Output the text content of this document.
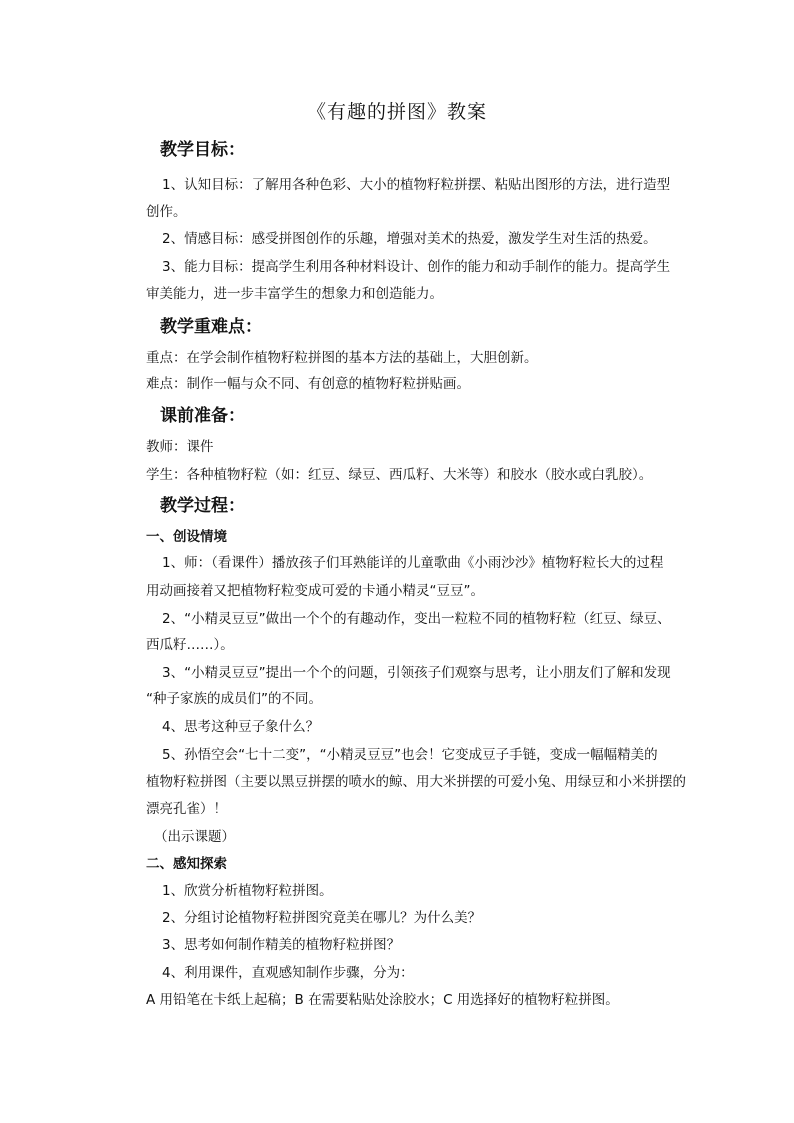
《有趣的拼图》教案
教学目标：
1、认知目标：了解用各种色彩、大小的植物籽粒拼摆、粘贴出图形的方法，进行造型
创作。
2、情感目标：感受拼图创作的乐趣，增强对美术的热爱，激发学生对生活的热爱。
3、能力目标：提高学生利用各种材料设计、创作的能力和动手制作的能力。提高学生
审美能力，进一步丰富学生的想象力和创造能力。
教学重难点：
重点：在学会制作植物籽粒拼图的基本方法的基础上，大胆创新。
难点：制作一幅与众不同、有创意的植物籽粒拼贴画。
课前准备：
教师：课件
学生：各种植物籽粒（如：红豆、绿豆、西瓜籽、大米等）和胶水（胶水或白乳胶）。
教学过程：
一、创设情境
1、师：（看课件）播放孩子们耳熟能详的儿童歌曲《小雨沙沙》植物籽粒长大的过程
用动画接着又把植物籽粒变成可爱的卡通小精灵“豆豆”。
2、“小精灵豆豆”做出一个个的有趣动作，变出一粒粒不同的植物籽粒（红豆、绿豆、
西瓜籽……）。
3、“小精灵豆豆”提出一个个的问题，引领孩子们观察与思考，让小朋友们了解和发现
“种子家族的成员们”的不同。
4、思考这种豆子象什么？
5、孙悟空会“七十二变”，“小精灵豆豆”也会！它变成豆子手链，变成一幅幅精美的
植物籽粒拼图（主要以黑豆拼摆的喷水的鲸、用大米拼摆的可爱小兔、用绿豆和小米拼摆的
漂亮孔雀）！
（出示课题）
二、感知探索
1、欣赏分析植物籽粒拼图。
2、分组讨论植物籽粒拼图究竟美在哪儿？为什么美？
3、思考如何制作精美的植物籽粒拼图？
4、利用课件，直观感知制作步骤，分为：
A 用铅笔在卡纸上起稿；B 在需要粘贴处涂胶水；C 用选择好的植物籽粒拼图。
